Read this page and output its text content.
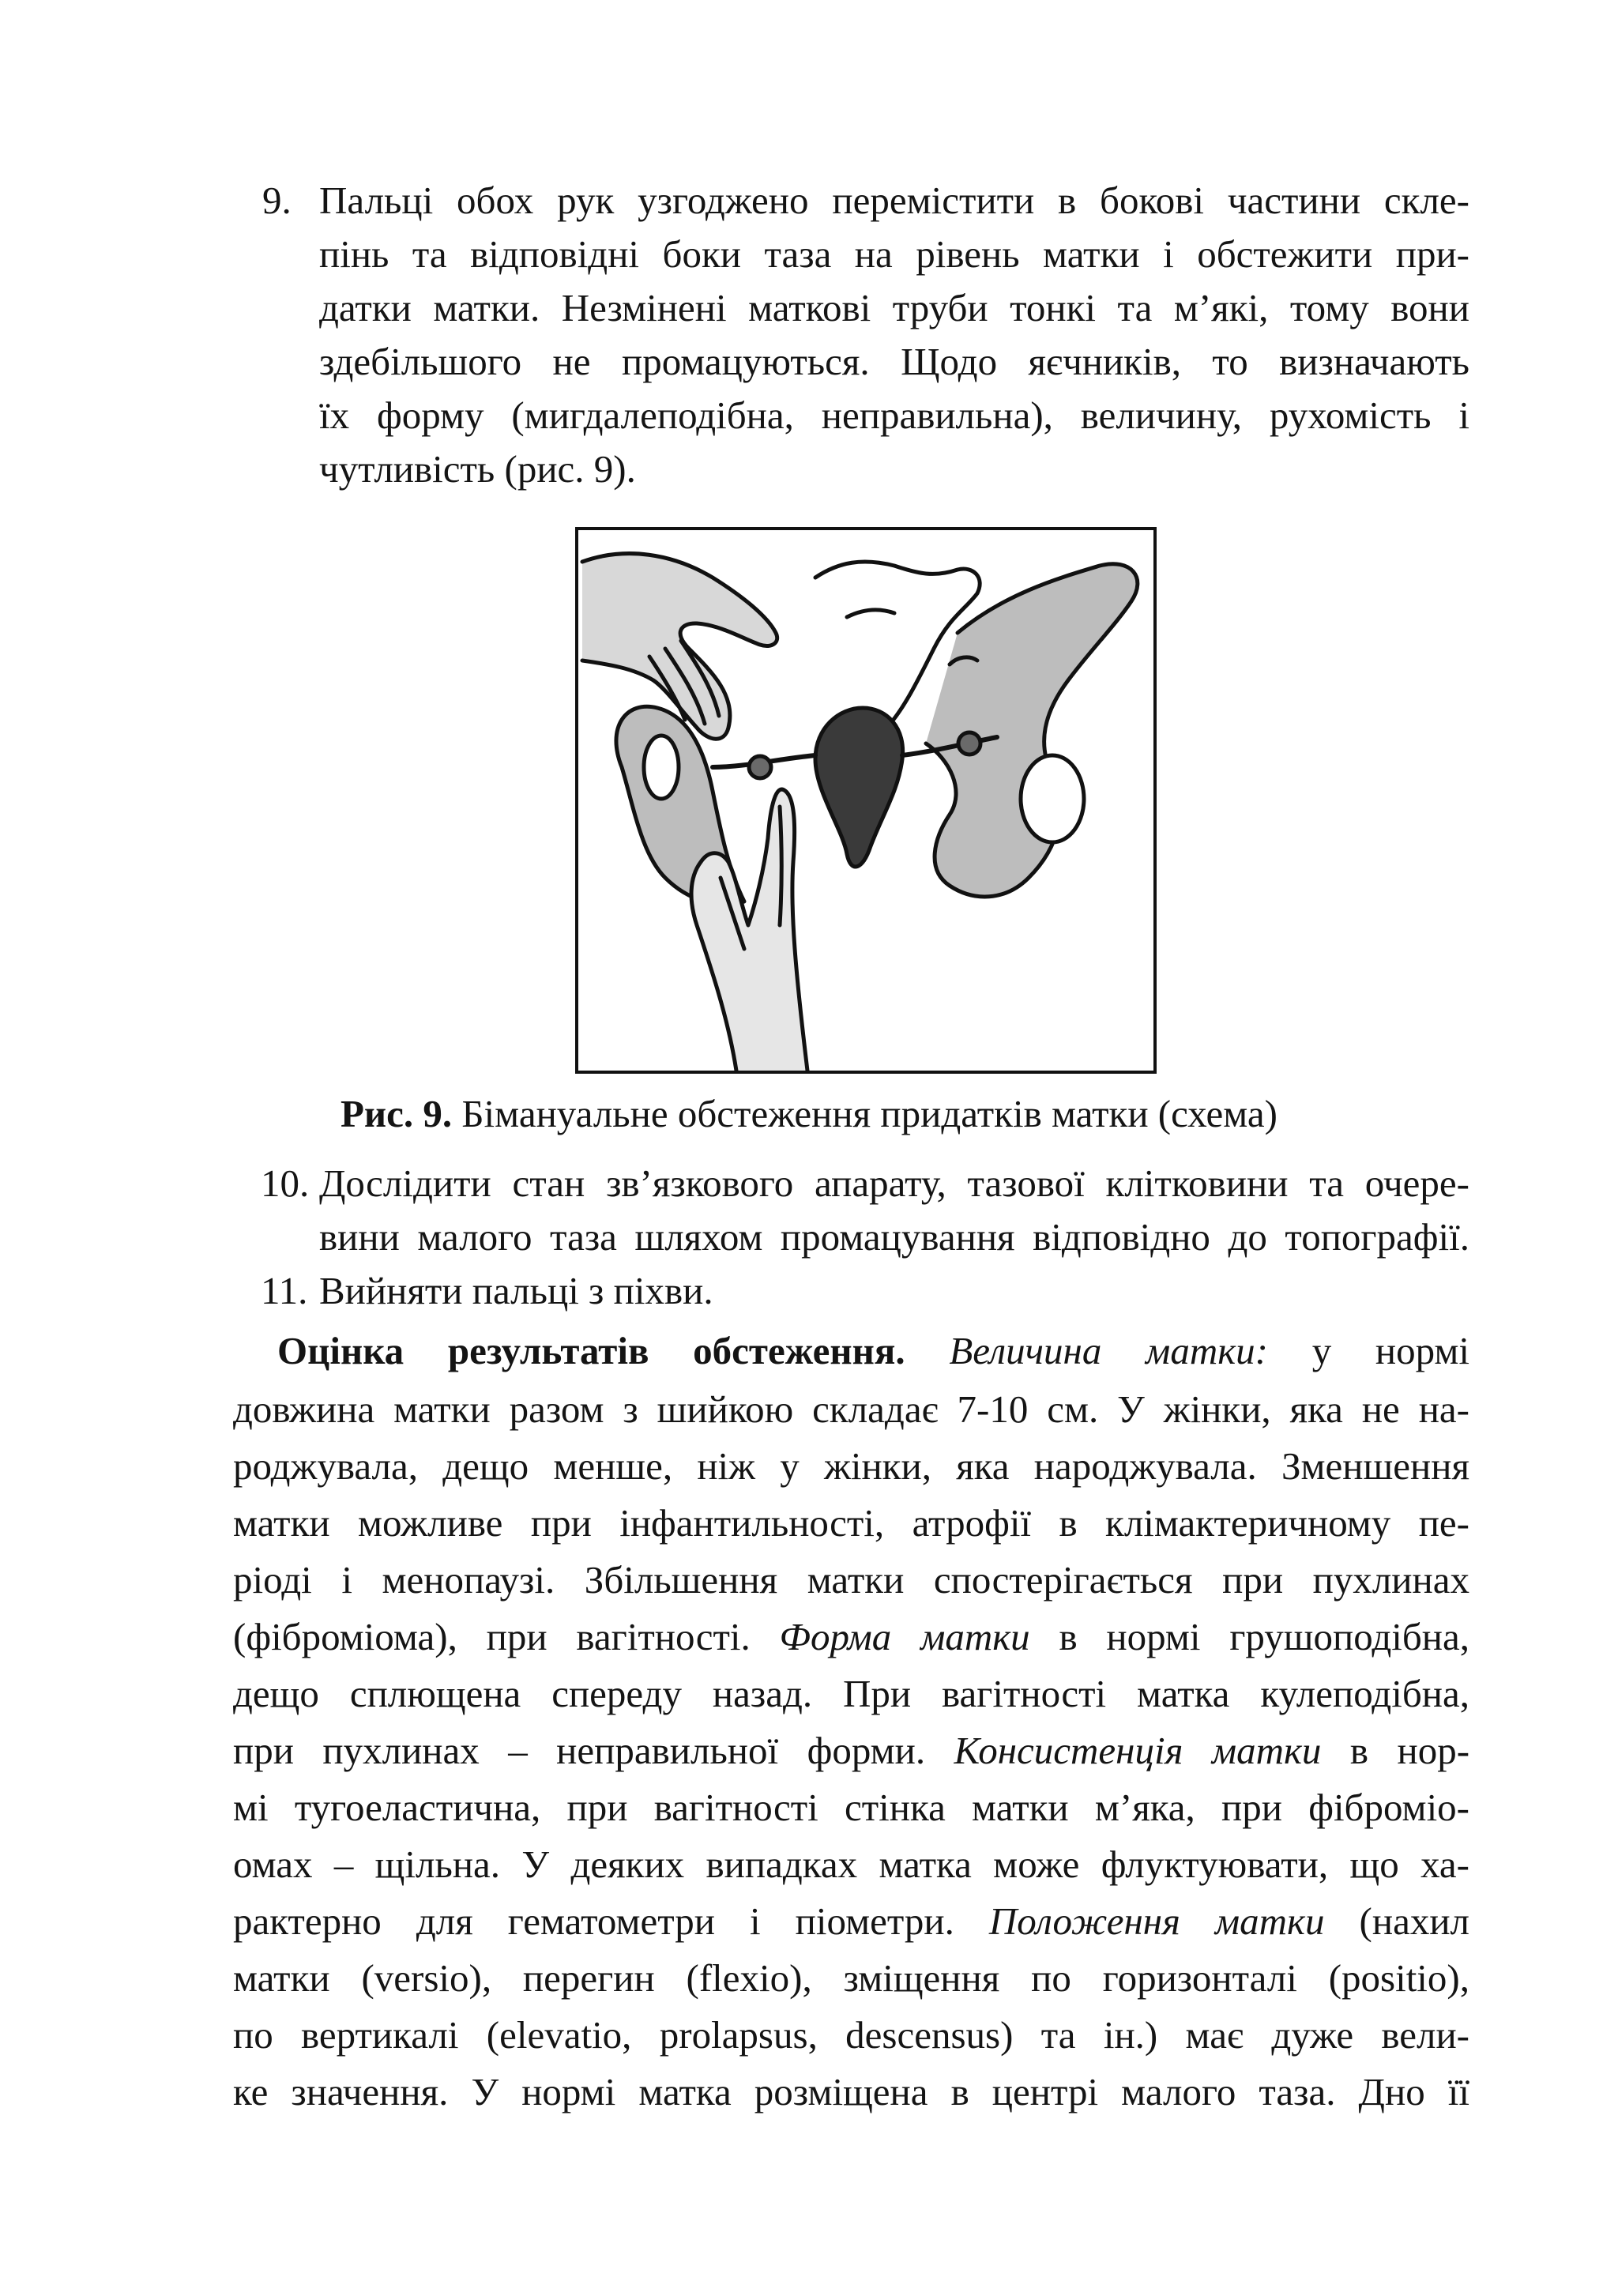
9. Пальці обох рук узгоджено перемістити в бокові частини скле-
пінь та відповідні боки таза на рівень матки і обстежити при-
датки матки. Незмінені маткові труби тонкі та м’які, тому вони
здебільшого не промацуються. Щодо яєчників, то визначають
їх форму (мигдалеподібна, неправильна), величину, рухомість і
чутливість (рис. 9).
Рис. 9. Бімануальне обстеження придатків матки (схема)
10. Дослідити стан зв’язкового апарату, тазової клітковини та очере-
вини малого таза шляхом промацування відповідно до топографії.
11. Вийняти пальці з піхви.
Оцінка результатів обстеження. Величина матки: у нормі
довжина матки разом з шийкою складає 7-10 см. У жінки, яка не на-
роджувала, дещо менше, ніж у жінки, яка народжувала. Зменшення
матки можливе при інфантильності, атрофії в клімактеричному пе-
ріоді і менопаузі. Збільшення матки спостерігається при пухлинах
(фіброміома), при вагітності. Форма матки в нормі грушоподібна,
дещо сплющена спереду назад. При вагітності матка кулеподібна,
при пухлинах – неправильної форми. Консистенція матки в нор-
мі тугоеластична, при вагітності стінка матки м’яка, при фіброміо-
омах – щільна. У деяких випадках матка може флуктуювати, що ха-
рактерно для гематометри і піометри. Положення матки (нахил
матки (versio), перегин (flexio), зміщення по горизонталі (positio),
по вертикалі (elevatio, prolapsus, descensus) та ін.) має дуже вели-
ке значення. У нормі матка розміщена в центрі малого таза. Дно її
